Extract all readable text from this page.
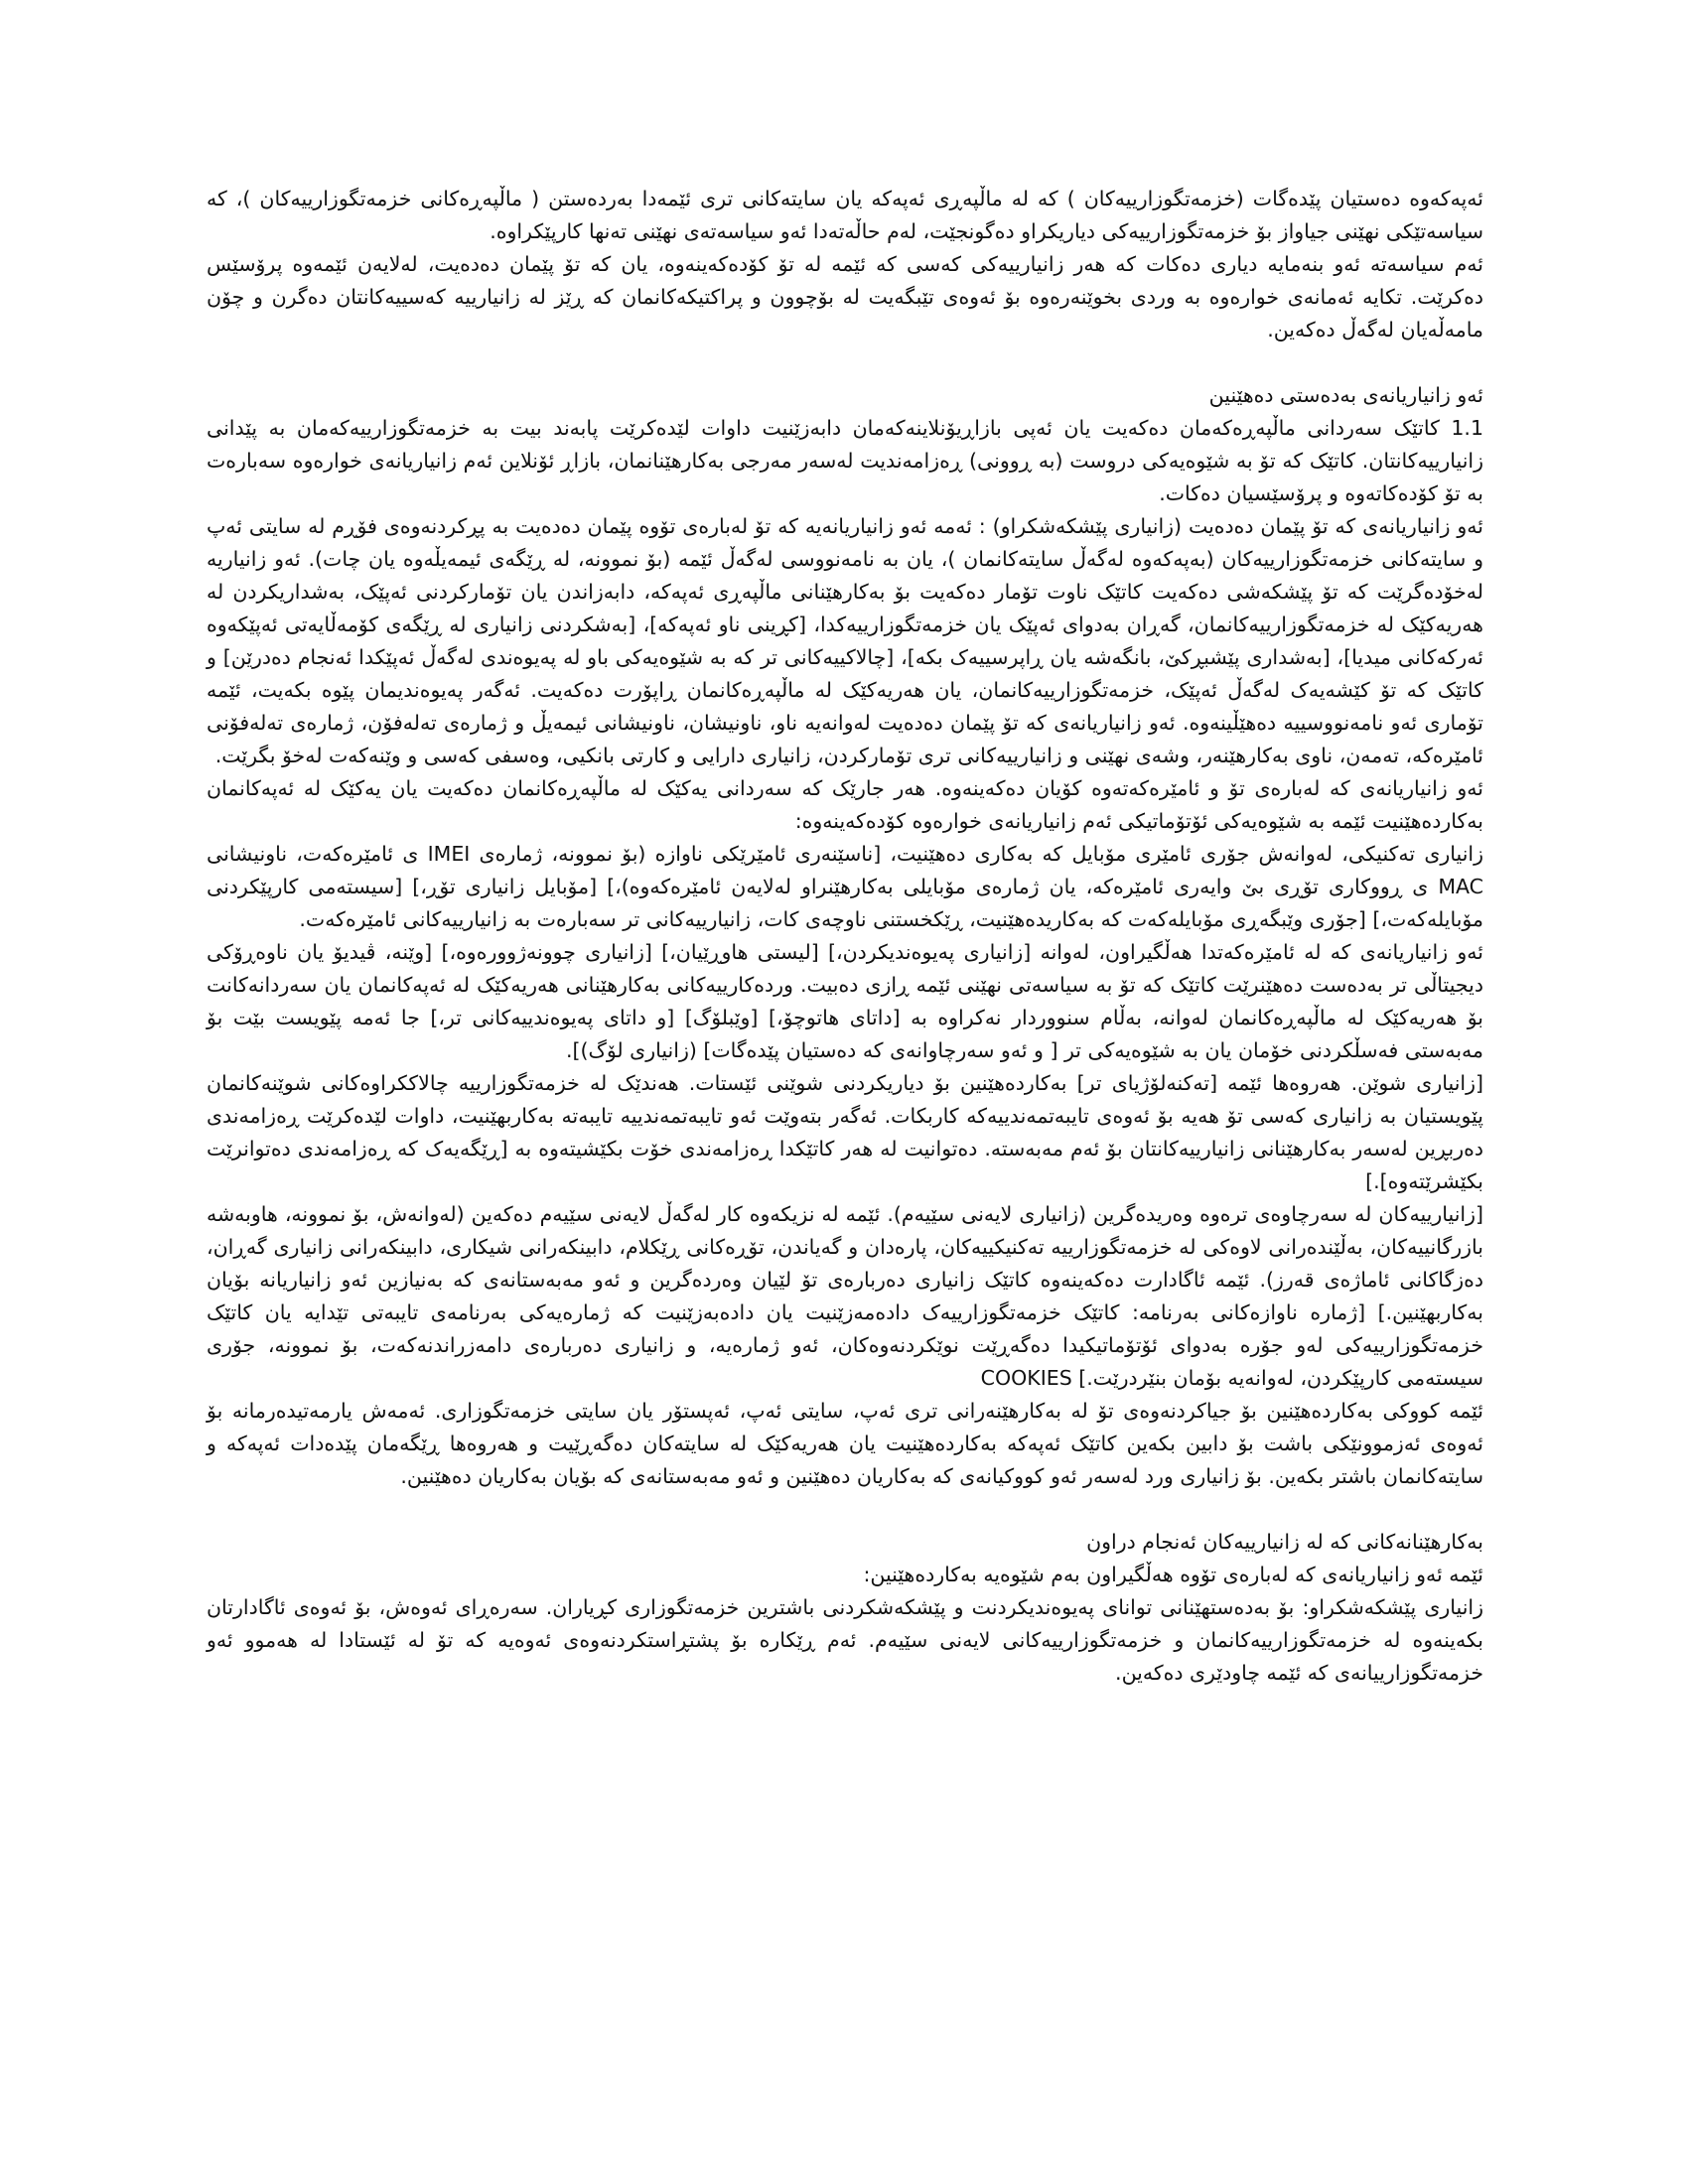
ئەپەکەوە دەستیان پێدەگات (خزمەتگوزارییەکان ) کە لە ماڵپەڕی ئەپەکە یان سایتەکانی تری ئێمەدا بەردەستن ( ماڵپەڕەکانی خزمەتگوزارییەکان )، کە سیاسەتێکی نهێنی جیاواز بۆ خزمەتگوزارییەکی دیاریکراو دەگونجێت، لەم حاڵەتەدا ئەو سیاسەتەی نهێنی تەنها کارپێکراوە.

ئەم سیاسەتە ئەو بنەمایە دیاری دەکات کە هەر زانیارییەکی کەسی کە ئێمە لە تۆ کۆدەکەینەوە، یان کە تۆ پێمان دەدەیت، لەلایەن ئێمەوە پرۆسێس دەکرێت. تکایە ئەمانەی خوارەوە بە وردی بخوێنەرەوە بۆ ئەوەی تێبگەیت لە بۆچوون و پراکتیکەکانمان کە ڕێز لە زانیارییە کەسییەکانتان دەگرن و چۆن مامەڵەیان لەگەڵ دەکەین.

ئەو زانیاریانەی بەدەستی دەهێنین

1.1 کاتێک سەردانی ماڵپەڕەکەمان دەکەیت یان ئەپی بازاڕیۆنلاینەکەمان دابەزێنیت داوات لێدەکرێت پابەند بیت بە خزمەتگوزارییەکەمان بە پێدانی زانیارییەکانتان. کاتێک کە تۆ بە شێوەیەکی دروست (بە ڕوونی) ڕەزامەندیت لەسەر مەرجی بەکارهێنانمان، بازاڕ ئۆنلاین ئەم زانیاریانەی خوارەوە سەبارەت بە تۆ کۆدەکاتەوە و پرۆسێسیان دەکات.

ئەو زانیاریانەی کە تۆ پێمان دەدەیت (زانیاری پێشکەشکراو) : ئەمە ئەو زانیاریانەیە کە تۆ لەبارەی تۆوە پێمان دەدەیت بە پڕکردنەوەی فۆڕم لە سایتی ئەپ و سایتەکانی خزمەتگوزارییەکان (بەپەکەوە لەگەڵ سایتەکانمان )، یان بە نامەنووسی لەگەڵ ئێمە (بۆ نموونە، لە ڕێگەی ئیمەیڵەوە یان چات). ئەو زانیاریە لەخۆدەگرێت کە تۆ پێشکەشی دەکەیت کاتێک ناوت تۆمار دەکەیت بۆ بەکارهێنانی ماڵپەڕی ئەپەکە، دابەزاندن یان تۆمارکردنی ئەپێک، بەشداریکردن لە هەریەکێک لە خزمەتگوزارییەکانمان، گەڕان بەدوای ئەپێک یان خزمەتگوزارییەکدا، [کڕینی ناو ئەپەکە]، [بەشکردنی زانیاری لە ڕێگەی کۆمەڵایەتی ئەپێکەوە ئەرکەکانی میدیا]، [بەشداری پێشبڕکێ، بانگەشە یان ڕاپرسییەک بکە]، [چالاکییەکانی تر کە بە شێوەیەکی باو لە پەیوەندی لەگەڵ ئەپێکدا ئەنجام دەدرێن] و کاتێک کە تۆ کێشەیەک لەگەڵ ئەپێک، خزمەتگوزارییەکانمان، یان هەریەکێک لە ماڵپەڕەکانمان ڕاپۆرت دەکەیت. ئەگەر پەیوەندیمان پێوە بکەیت، ئێمە تۆماری ئەو نامەنووسییە دەهێڵینەوە. ئەو زانیاریانەی کە تۆ پێمان دەدەیت لەوانەیە ناو، ناونیشان، ناونیشانی ئیمەیڵ و ژمارەی تەلەفۆن، ژمارەی تەلەفۆنی ئامێرەکە، تەمەن، ناوی بەکارهێنەر، وشەی نهێنی و زانیارییەکانی تری تۆمارکردن، زانیاری دارایی و کارتی بانکیی، وەسفی کەسی و وێنەکەت لەخۆ بگرێت.

ئەو زانیاریانەی کە لەبارەی تۆ و ئامێرەکەتەوە کۆیان دەکەینەوە. هەر جارێک کە سەردانی یەکێک لە ماڵپەڕەکانمان دەکەیت یان یەکێک لە ئەپەکانمان بەکاردەهێنیت ئێمە بە شێوەیەکی ئۆتۆماتیکی ئەم زانیاریانەی خوارەوە کۆدەکەینەوە:

زانیاری تەکنیکی، لەوانەش جۆری ئامێری مۆبایل کە بەکاری دەهێنیت، [ناسێنەری ئامێرێکی ناوازە (بۆ نموونە، ژمارەی IMEI ی ئامێرەکەت، ناونیشانی MAC ی ڕووکاری تۆڕی بێ وایەری ئامێرەکە، یان ژمارەی مۆبایلی بەکارهێنراو لەلایەن ئامێرەکەوە)،] [مۆبایل زانیاری تۆڕ،] [سیستەمی کارپێکردنی مۆبایلەکەت،] [جۆری وێبگەڕی مۆبایلەکەت کە بەکاریدەهێنیت، ڕێکخستنی ناوچەی کات، زانیارییەکانی تر سەبارەت بە زانیارییەکانی ئامێرەکەت.

ئەو زانیاریانەی کە لە ئامێرەکەتدا هەڵگیراون، لەوانە [زانیاری پەیوەندیکردن،] [لیستی هاوڕێیان،] [زانیاری چوونەژوورەوە،] [وێنە، ڤیدیۆ یان ناوەڕۆکی دیجیتاڵی تر بەدەست دەهێنرێت کاتێک کە تۆ بە سیاسەتی نهێنی ئێمە ڕازی دەبیت. وردەکارییەکانی بەکارهێنانی هەریەکێک لە ئەپەکانمان یان سەردانەکانت بۆ هەریەکێک لە ماڵپەڕەکانمان لەوانە، بەڵام سنووردار نەکراوە بە [داتای هاتوچۆ،] [وێبلۆگ] [و داتای پەیوەندییەکانی تر،] جا ئەمە پێویست بێت بۆ مەبەستی فەسڵکردنی خۆمان یان بە شێوەیەکی تر [ و ئەو سەرچاوانەی کە دەستیان پێدەگات] (زانیاری لۆگ)].

[زانیاری شوێن. هەروەها ئێمە [تەکنەلۆژیای تر] بەکاردەهێنین بۆ دیاریکردنی شوێنی ئێستات. هەندێک لە خزمەتگوزارییە چالاککراوەکانی شوێنەکانمان پێویستیان بە زانیاری کەسی تۆ هەیە بۆ ئەوەی تایبەتمەندییەکە کاربکات. ئەگەر بتەوێت ئەو تایبەتمەندییە تایبەتە بەکاربهێنیت، داوات لێدەکرێت ڕەزامەندی دەربڕین لەسەر بەکارهێنانی زانیارییەکانتان بۆ ئەم مەبەستە. دەتوانیت لە هەر کاتێکدا ڕەزامەندی خۆت بکێشیتەوە بە [ڕێگەیەک کە ڕەزامەندی دەتوانرێت بکێشرێتەوە].]

[زانیارییەکان لە سەرچاوەی ترەوە وەریدەگرین (زانیاری لایەنی سێیەم). ئێمە لە نزیکەوە کار لەگەڵ لایەنی سێیەم دەکەین (لەوانەش، بۆ نموونە، هاوبەشە بازرگانییەکان، بەڵێندەرانی لاوەکی لە خزمەتگوزارییە تەکنیکییەکان، پارەدان و گەیاندن، تۆڕەکانی ڕێکلام، دابینکەرانی شیکاری، دابینکەرانی زانیاری گەڕان، دەزگاکانی ئاماژەی قەرز). ئێمە ئاگادارت دەکەینەوە کاتێک زانیاری دەربارەی تۆ لێیان وەردەگرین و ئەو مەبەستانەی کە بەنیازین ئەو زانیاریانە بۆیان بەکاربهێنین.] [ژمارە ناوازەکانی بەرنامە: کاتێک خزمەتگوزارییەک دادەمەزێنیت یان دادەبەزێنیت کە ژمارەیەکی بەرنامەی تایبەتی تێدایە یان کاتێک خزمەتگوزارییەکی لەو جۆرە بەدوای ئۆتۆماتیکیدا دەگەڕێت نوێکردنەوەکان، ئەو ژمارەیە، و زانیاری دەربارەی دامەزراندنەکەت، بۆ نموونە، جۆری سیستەمی کارپێکردن، لەوانەیە بۆمان بنێردرێت.] COOKIES

ئێمە کووکی بەکاردەهێنین بۆ جیاکردنەوەی تۆ لە بەکارهێنەرانی تری ئەپ، سایتی ئەپ، ئەپستۆر یان سایتی خزمەتگوزاری. ئەمەش یارمەتیدەرمانە بۆ ئەوەی ئەزموونێکی باشت بۆ دابین بکەین کاتێک ئەپەکە بەکاردەهێنیت یان هەریەکێک لە سایتەکان دەگەڕێیت و هەروەها ڕێگەمان پێدەدات ئەپەکە و سایتەکانمان باشتر بکەین. بۆ زانیاری ورد لەسەر ئەو کووکیانەی کە بەکاریان دەهێنین و ئەو مەبەستانەی کە بۆیان بەکاریان دەهێنین.

بەکارهێنانەکانی کە لە زانیارییەکان ئەنجام دراون

ئێمە ئەو زانیاریانەی کە لەبارەی تۆوە هەڵگیراون بەم شێوەیە بەکاردەهێنین:

زانیاری پێشکەشکراو: بۆ بەدەستهێنانی توانای پەیوەندیکردنت و پێشکەشکردنی باشترین خزمەتگوزاری کڕیاران. سەرەڕای ئەوەش، بۆ ئەوەی ئاگادارتان بکەینەوە لە خزمەتگوزارییەکانمان و خزمەتگوزارییەکانی لایەنی سێیەم. ئەم ڕێکارە بۆ پشتڕاستکردنەوەی ئەوەیە کە تۆ لە ئێستادا لە هەموو ئەو خزمەتگوزارییانەی کە ئێمە چاودێری دەکەین.
